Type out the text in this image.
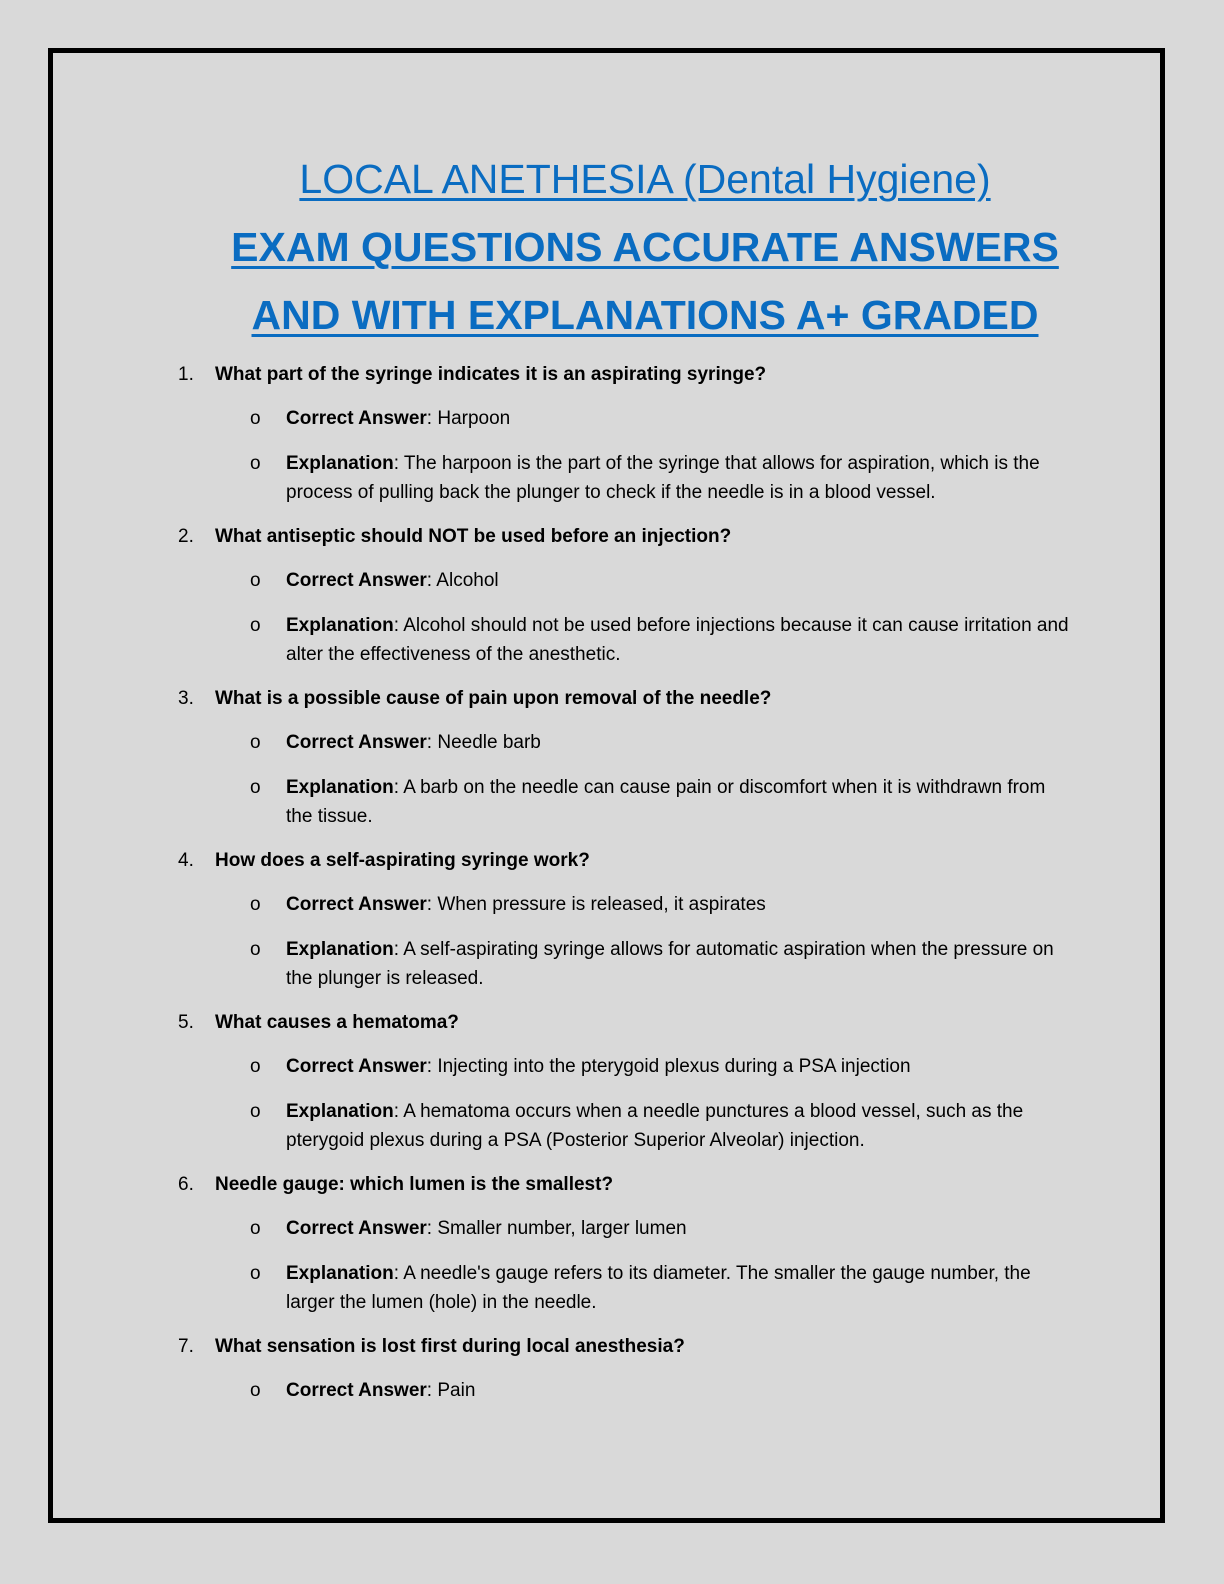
LOCAL ANETHESIA (Dental Hygiene)
EXAM QUESTIONS ACCURATE ANSWERS
AND WITH EXPLANATIONS A+ GRADED
1. What part of the syringe indicates it is an aspirating syringe?
o Correct Answer: Harpoon
o Explanation: The harpoon is the part of the syringe that allows for aspiration, which is the process of pulling back the plunger to check if the needle is in a blood vessel.
2. What antiseptic should NOT be used before an injection?
o Correct Answer: Alcohol
o Explanation: Alcohol should not be used before injections because it can cause irritation and alter the effectiveness of the anesthetic.
3. What is a possible cause of pain upon removal of the needle?
o Correct Answer: Needle barb
o Explanation: A barb on the needle can cause pain or discomfort when it is withdrawn from the tissue.
4. How does a self-aspirating syringe work?
o Correct Answer: When pressure is released, it aspirates
o Explanation: A self-aspirating syringe allows for automatic aspiration when the pressure on the plunger is released.
5. What causes a hematoma?
o Correct Answer: Injecting into the pterygoid plexus during a PSA injection
o Explanation: A hematoma occurs when a needle punctures a blood vessel, such as the pterygoid plexus during a PSA (Posterior Superior Alveolar) injection.
6. Needle gauge: which lumen is the smallest?
o Correct Answer: Smaller number, larger lumen
o Explanation: A needle's gauge refers to its diameter. The smaller the gauge number, the larger the lumen (hole) in the needle.
7. What sensation is lost first during local anesthesia?
o Correct Answer: Pain
